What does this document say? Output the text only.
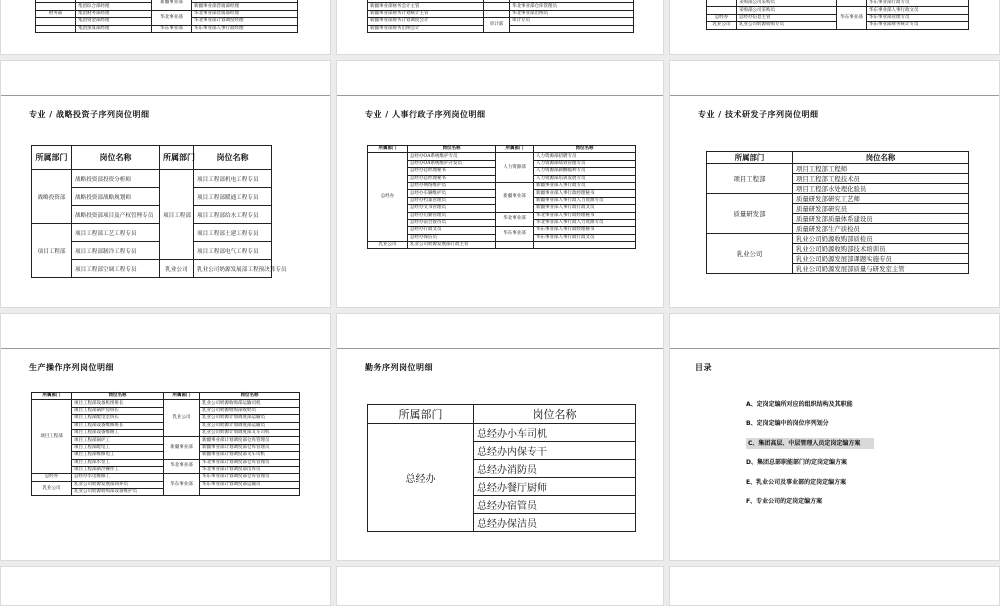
		新疆事业部	
	集团综合部经理		新疆事业部营销部经理
财务部	集团财务部经理	华北事业部	华北事业部营销部经理
	集团资金部经理		华北事业部计划调度经理
	集团预算部经理	华东事业部	华东事业部人事行政经理

新疆事业部财务会计主管		华北事业部仓库管理员
新疆事业部财务计划统计主管		华北事业部出纳员
新疆事业部财务计划调度会计	审计部	审计专员
新疆事业部财务出纳会计		
	采购部公司采购员		华东事业部行政专员
	采购部公司采购员	华东事业部	华东事业部人事行政文员
总经办	总经办信息主管		华东事业部管理专员
乳业公司	乳业公司奶源收购专员		华东事业部财务统计专员
专业 / 战略投资子序列岗位明细
所属部门	岗位名称	所属部门	岗位名称
战略投资部	战略投资部投资分析师	项目工程部	项目工程部机电工程专员
	战略投资部战略规划师		项目工程部暖通工程专员
	战略投资部项目及产权管理专员		项目工程部给水工程专员
项目工程部	项目工程部工艺工程专员		项目工程部土建工程专员
	项目工程部制冷工程专员		项目工程部电气工程专员
	项目工程部空调工程专员	乳业公司	乳业公司奶源发展部工程预决算专员
专业 / 人事行政子序列岗位明细
所属部门	岗位名称	所属部门	岗位名称
总经办	总经办OA系统维护专员	人力资源部	人力资源部招聘专员
	总经办OA系统维护开发员		人力资源部绩效管理专员
	总经办总经理秘书		人力资源部薪酬福利专员
	总经办总经理秘书		人力资源部培训发展专员
	总经办网络维护员	新疆事业部	新疆事业部人事行政专员
	总经办车辆维护员		新疆事业部人事行政经理秘书
	总经办档案管理员		新疆事业部人事行政人力资源专员
	总经办文书管理员		新疆事业部人事行政行政文员
	总经办后勤管理员	华北事业部	华北事业部人事行政经理秘书
	总经办前台接待员		华北事业部人事行政人力资源专员
	总经办行政文员	华东事业部	华东事业部人事行政经理秘书
	总经办保洁员		华东事业部人事行政行政文员
乳业公司	乳业公司奶源发展部行政主管		
专业 / 技术研发子序列岗位明细
所属部门	岗位名称
项目工程部	项目工程部工程师
	项目工程部工程技术员
	项目工程部水处理化验员
质量研发部	质量研发部研究工艺师
	质量研发部研究员
	质量研发部质量体系建设员
	质量研发部生产质检员
乳业公司	乳业公司奶源收购部质检员
	乳业公司奶源收购部技术培训员
	乳业公司奶源发展部课题实施专员
	乳业公司奶源发展部质量与研发室主管
生产操作序列岗位明细
所属部门	岗位名称	所属部门	岗位名称
项目工程部	项目工程部设备机组班长	乳业公司	乳业公司奶源收购部运输司机
	项目工程部锅炉房班长		乳业公司奶源收购部收奶员
	项目工程部配电室班长		乳业公司奶源计划调度部运输员
	项目工程部设备维修班长		乳业公司奶源计划调度部运输员
	项目工程部设备维修工		乳业公司奶源计划调度部叉车司机
	项目工程部锅炉工	新疆事业部	新疆事业部计划调度部仓库管理员
	项目工程部配电工		新疆事业部计划调度部仓库管理员
	项目工程部维修电工		新疆事业部计划调度部叉车司机
	项目工程部水泵工	华北事业部	华北事业部计划调度部仓库管理员
	项目工程部制冷操作工		华北事业部计划调度部出库员
总经办	总经办水电维修工	华东事业部	华东事业部计划调度部仓库管理员
乳业公司	乳业公司奶源发展部饲养员		华东事业部计划调度部运输员
	乳业公司奶源收购部设备维护员		
勤务序列岗位明细
所属部门	岗位名称
总经办	总经办小车司机
	总经办内保专干
	总经办消防员
	总经办餐厅厨师
	总经办宿管员
	总经办保洁员
目录
A、定岗定编所对应的组织结构及其职能
B、定岗定编中的岗位序列划分
C、集团高层、中层管理人员定岗定编方案
D、集团总部职能部门的定岗定编方案
E、乳业公司及事业部的定岗定编方案
F、专业公司的定岗定编方案
